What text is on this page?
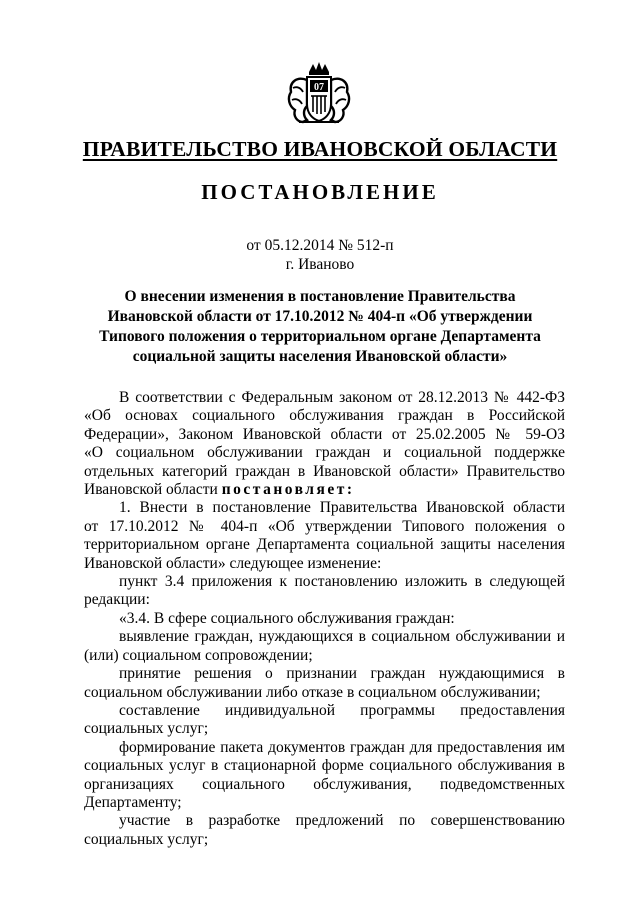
07
ПРАВИТЕЛЬСТВО ИВАНОВСКОЙ ОБЛАСТИ
ПОСТАНОВЛЕНИЕ
от 05.12.2014 № 512-п
г. Иваново
О внесении изменения в постановление Правительства
Ивановской области от 17.10.2012 № 404-п «Об утверждении
Типового положения о территориальном органе Департамента
социальной защиты населения Ивановской области»
В соответствии с Федеральным законом от 28.12.2013 № 442-ФЗ
«Об основах социального обслуживания граждан в Российской
Федерации», Законом Ивановской области от 25.02.2005 № 59-ОЗ
«О социальном обслуживании граждан и социальной поддержке
отдельных категорий граждан в Ивановской области» Правительство
Ивановской области постановляет:
1. Внести в постановление Правительства Ивановской области
от 17.10.2012 № 404-п «Об утверждении Типового положения о
территориальном органе Департамента социальной защиты населения
Ивановской области» следующее изменение:
пункт 3.4 приложения к постановлению изложить в следующей
редакции:
«3.4. В сфере социального обслуживания граждан:
выявление граждан, нуждающихся в социальном обслуживании и
(или) социальном сопровождении;
принятие решения о признании граждан нуждающимися в
социальном обслуживании либо отказе в социальном обслуживании;
составление индивидуальной программы предоставления
социальных услуг;
формирование пакета документов граждан для предоставления им
социальных услуг в стационарной форме социального обслуживания в
организациях социального обслуживания, подведомственных
Департаменту;
участие в разработке предложений по совершенствованию
социальных услуг;
